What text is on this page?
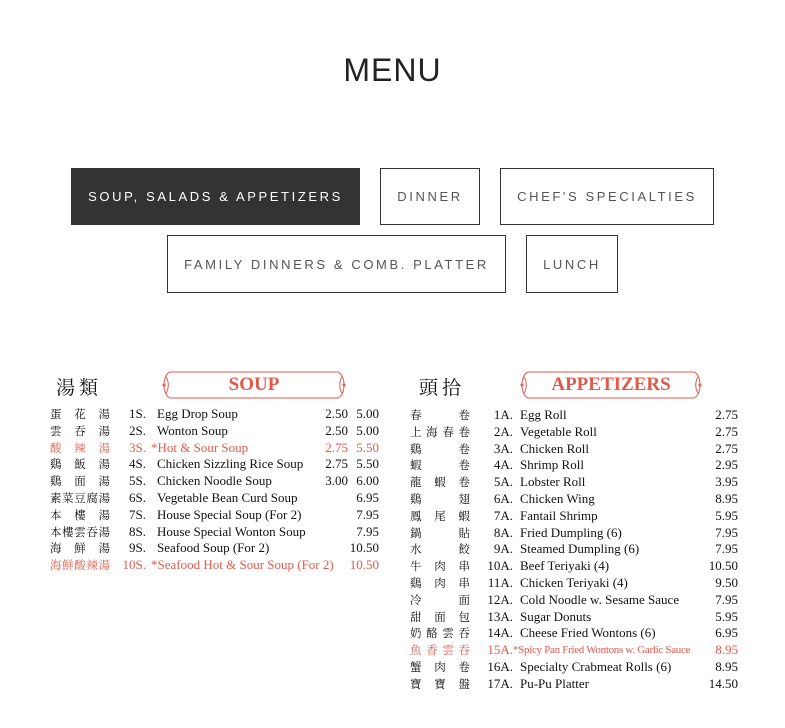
MENU
SOUP, SALADS & APPETIZERS	DINNER	CHEF'S SPECIALTIES
FAMILY DINNERS & COMB. PLATTER	LUNCH
湯類	SOUP	頭拾	APPETIZERS
蛋 花 湯	1S. Egg Drop Soup	2.50 5.00
雲 吞 湯	2S. Wonton Soup	2.50 5.00
酸 辣 湯	3S. *Hot & Sour Soup	2.75 5.50
鷄 飯 湯	4S. Chicken Sizzling Rice Soup	2.75 5.50
鷄 面 湯	5S. Chicken Noodle Soup	3.00 6.00
素 菜 豆 腐 湯	6S. Vegetable Bean Curd Soup	6.95
本 樓 湯	7S. House Special Soup (For 2)	7.95
本 樓 雲 吞 湯	8S. House Special Wonton Soup	7.95
海 鮮 湯	9S. Seafood Soup (For 2)	10.50
海 鮮 酸 辣 湯 10S. *Seafood Hot & Sour Soup (For 2)	10.50
春	卷	1A. Egg Roll	2.75
上 海 春 卷	2A. Vegetable Roll	2.75
鷄	卷	3A. Chicken Roll	2.75
蝦	卷	4A. Shrimp Roll	2.95
龍 蝦 卷	5A. Lobster Roll	3.95
鷄	翅	6A. Chicken Wing	8.95
鳳 尾 蝦	7A. Fantail Shrimp	5.95
鍋	貼	8A. Fried Dumpling (6)	7.95
水	餃	9A. Steamed Dumpling (6)	7.95
牛 肉 串	10A. Beef Teriyaki (4)	10.50
鷄 肉 串	11A. Chicken Teriyaki (4)	9.50
冷	面	12A. Cold Noodle w. Sesame Sauce	7.95
甜 面 包	13A. Sugar Donuts	5.95
奶 酪 雲 吞	14A. Cheese Fried Wontons (6)	6.95
魚 香 雲 吞	15A. *Spicy Pan Fried Wontons w. Garlic Sauce	8.95
蟹 肉 卷	16A. Specialty Crabmeat Rolls (6)	8.95
寶 寶 盤	17A. Pu-Pu Platter	14.50
